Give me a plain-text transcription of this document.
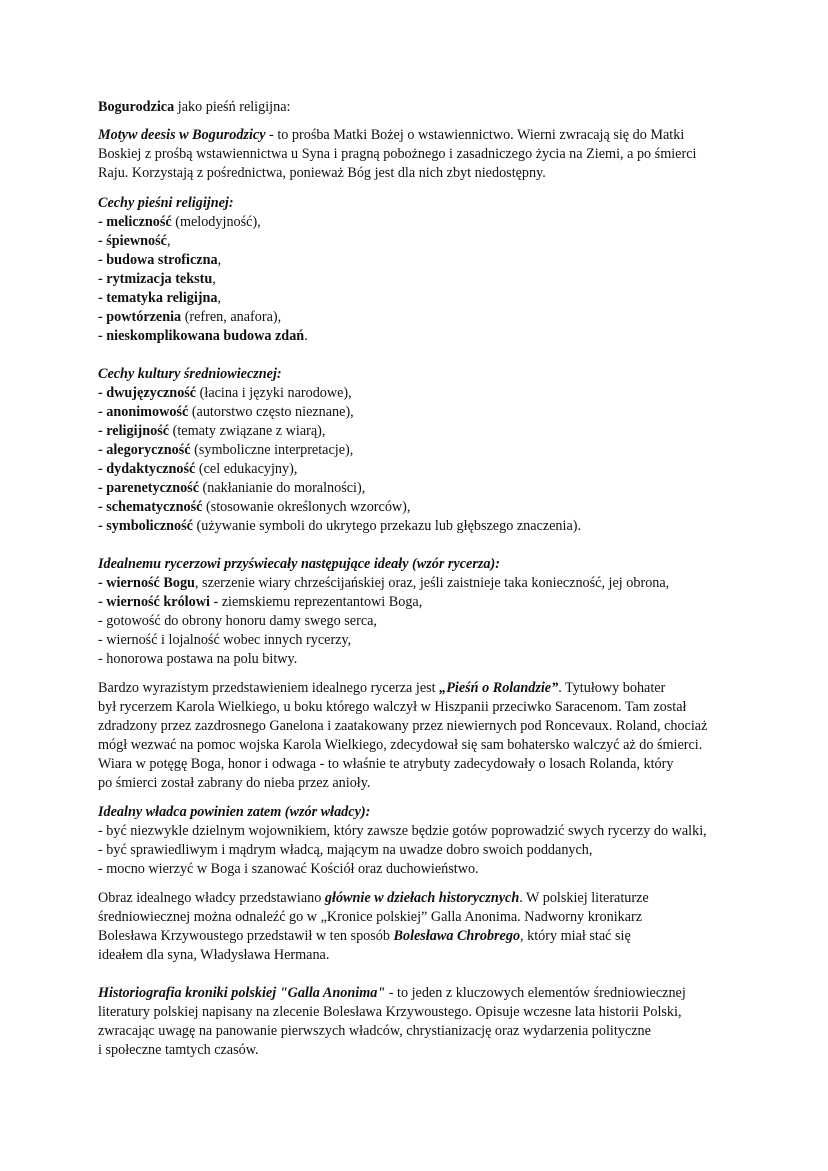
Bogurodzica jako pieśń religijna:
Motyw deesis w Bogurodzicy - to prośba Matki Bożej o wstawiennictwo. Wierni zwracają się do Matki
Boskiej z prośbą wstawiennictwa u Syna i pragną pobożnego i zasadniczego życia na Ziemi, a po śmierci
Raju. Korzystają z pośrednictwa, ponieważ Bóg jest dla nich zbyt niedostępny.
Cechy pieśni religijnej:
- meliczność (melodyjność),
- śpiewność,
- budowa stroficzna,
- rytmizacja tekstu,
- tematyka religijna,
- powtórzenia (refren, anafora),
- nieskomplikowana budowa zdań.
Cechy kultury średniowiecznej:
- dwujęzyczność (łacina i języki narodowe),
- anonimowość (autorstwo często nieznane),
- religijność (tematy związane z wiarą),
- alegoryczność (symboliczne interpretacje),
- dydaktyczność (cel edukacyjny),
- parenetyczność (nakłanianie do moralności),
- schematyczność (stosowanie określonych wzorców),
- symboliczność (używanie symboli do ukrytego przekazu lub głębszego znaczenia).
Idealnemu rycerzowi przyświecały następujące ideały (wzór rycerza):
- wierność Bogu, szerzenie wiary chrześcijańskiej oraz, jeśli zaistnieje taka konieczność, jej obrona,
- wierność królowi - ziemskiemu reprezentantowi Boga,
- gotowość do obrony honoru damy swego serca,
- wierność i lojalność wobec innych rycerzy,
- honorowa postawa na polu bitwy.
Bardzo wyrazistym przedstawieniem idealnego rycerza jest „Pieśń o Rolandzie”. Tytułowy bohater
był rycerzem Karola Wielkiego, u boku którego walczył w Hiszpanii przeciwko Saracenom. Tam został
zdradzony przez zazdrosnego Ganelona i zaatakowany przez niewiernych pod Roncevaux. Roland, chociaż
mógł wezwać na pomoc wojska Karola Wielkiego, zdecydował się sam bohatersko walczyć aż do śmierci.
Wiara w potęgę Boga, honor i odwaga - to właśnie te atrybuty zadecydowały o losach Rolanda, który
po śmierci został zabrany do nieba przez anioły.
Idealny władca powinien zatem (wzór władcy):
- być niezwykle dzielnym wojownikiem, który zawsze będzie gotów poprowadzić swych rycerzy do walki,
- być sprawiedliwym i mądrym władcą, mającym na uwadze dobro swoich poddanych,
- mocno wierzyć w Boga i szanować Kościół oraz duchowieństwo.
Obraz idealnego władcy przedstawiano głównie w dziełach historycznych. W polskiej literaturze
średniowiecznej można odnaleźć go w „Kronice polskiej” Galla Anonima. Nadworny kronikarz
Bolesława Krzywoustego przedstawił w ten sposób Bolesława Chrobrego, który miał stać się
ideałem dla syna, Władysława Hermana.
Historiografia kroniki polskiej "Galla Anonima" - to jeden z kluczowych elementów średniowiecznej
literatury polskiej napisany na zlecenie Bolesława Krzywoustego. Opisuje wczesne lata historii Polski,
zwracając uwagę na panowanie pierwszych władców, chrystianizację oraz wydarzenia polityczne
i społeczne tamtych czasów.
